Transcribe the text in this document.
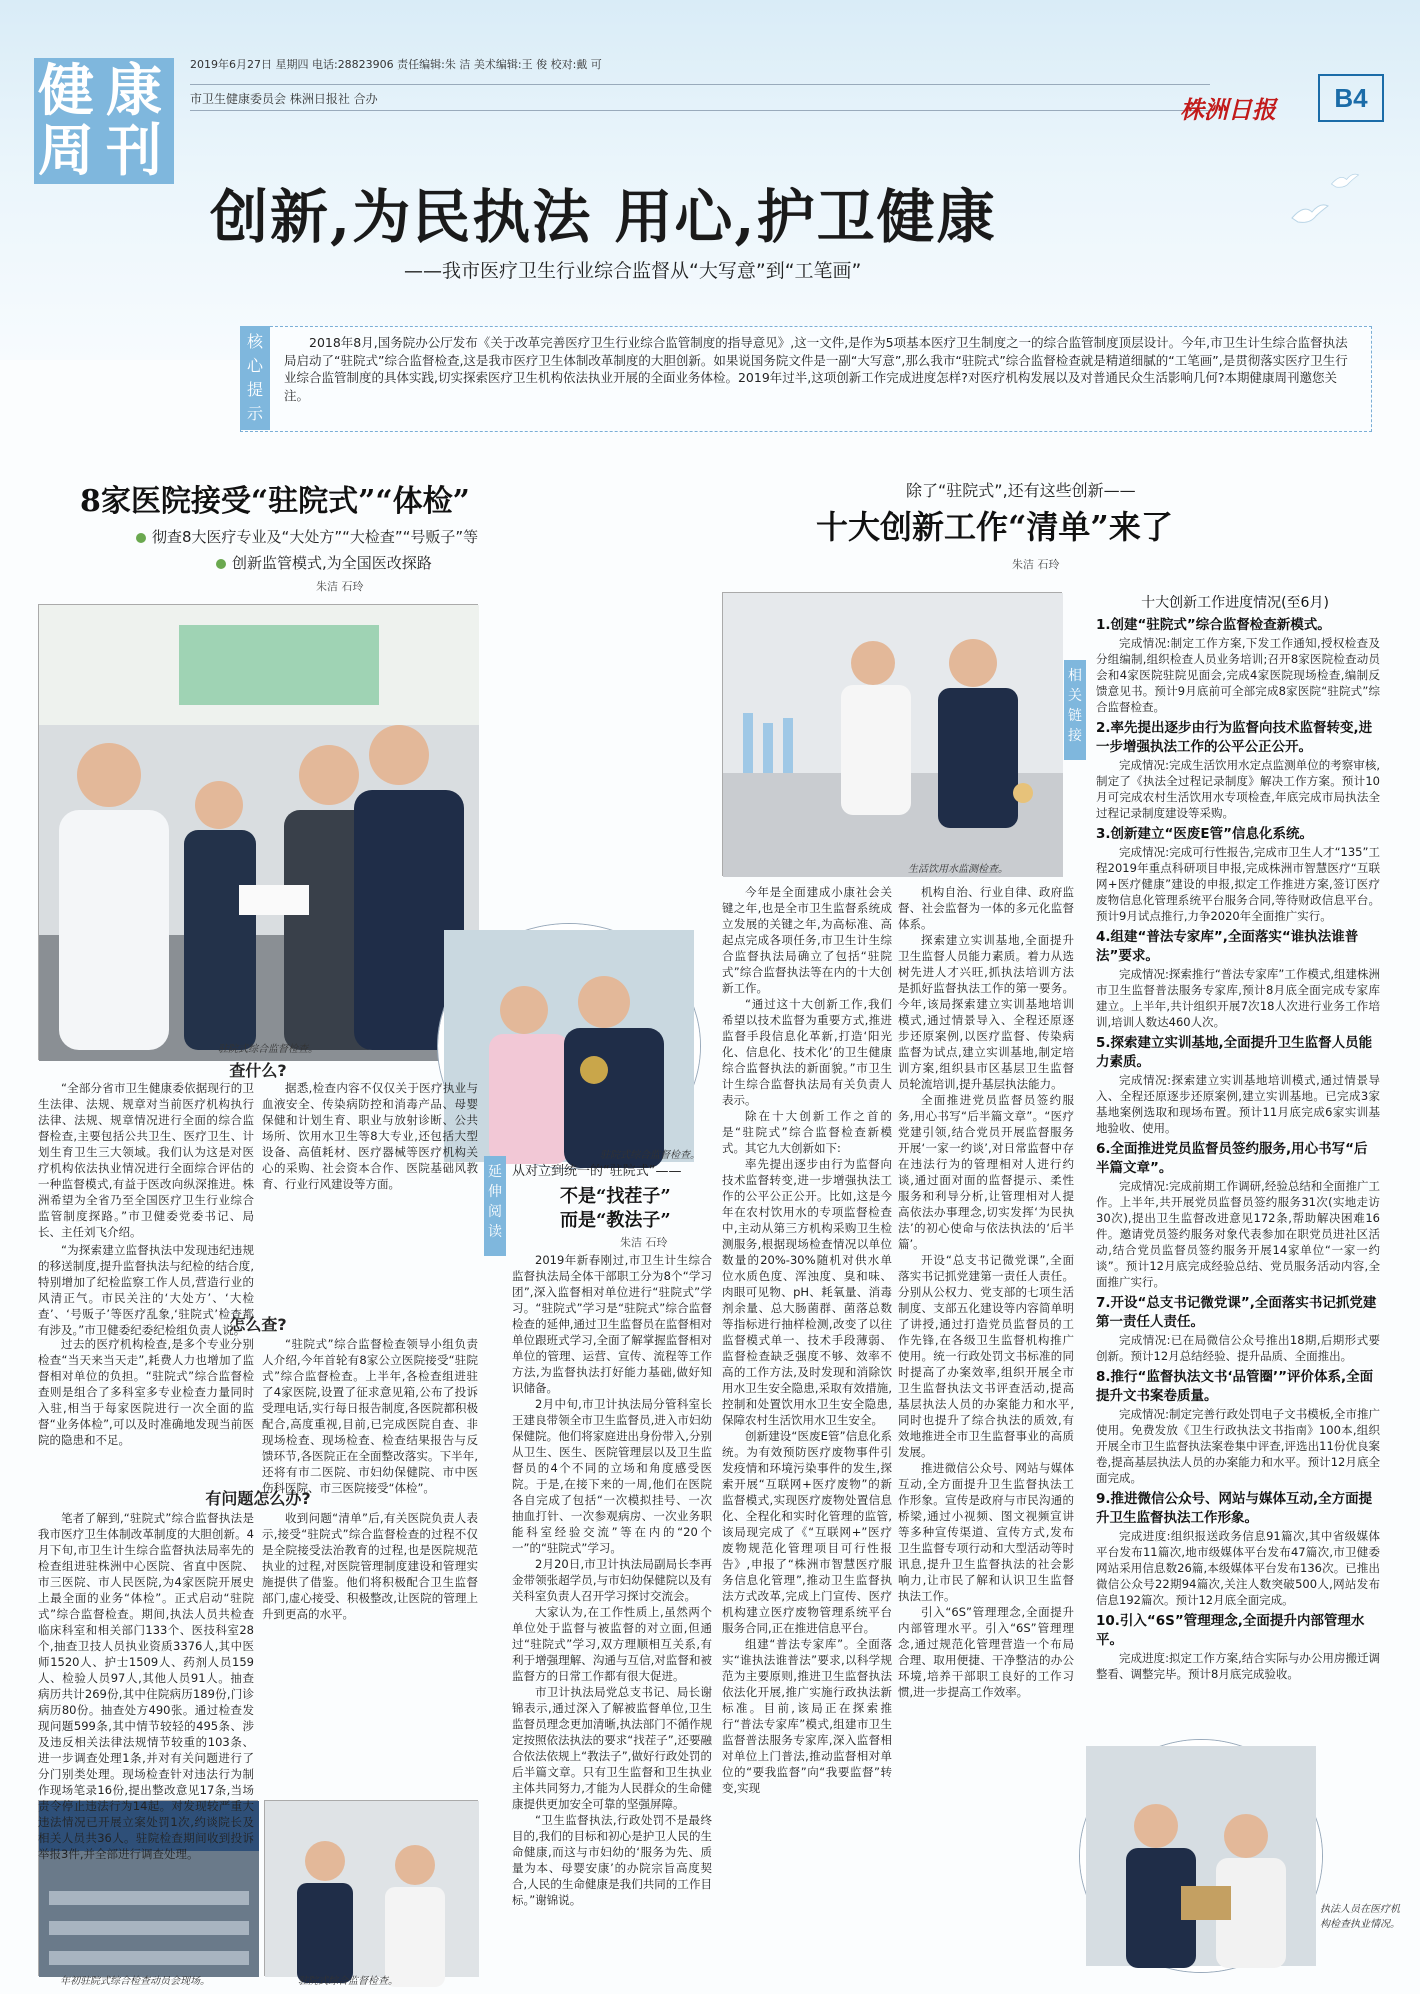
健 康
周 刊
2019年6月27日 星期四 电话:28823906 责任编辑:朱 洁 美术编辑:王 俊 校对:戴 可
市卫生健康委员会 株洲日报社 合办	株洲日报	B4
创新,为民执法 用心,护卫健康
——我市医疗卫生行业综合监督从“大写意”到“工笔画”
核
心
提
示
2018年8月,国务院办公厅发布《关于改革完善医疗卫生行业综合监管制度的指导意见》,这一文件,是作为5项基本医疗卫生制度之一的综合监管制度顶层设计。今年,市卫生计生综合监督执法局启动了“驻院式”综合监督检查,这是我市医疗卫生体制改革制度的大胆创新。如果说国务院文件是一副“大写意”,那么我市“驻院式”综合监督检查就是精道细腻的“工笔画”,是贯彻落实医疗卫生行业综合监管制度的具体实践,切实探索医疗卫生机构依法执业开展的全面业务体检。2019年过半,这项创新工作完成进度怎样?对医疗机构发展以及对普通民众生活影响几何?本期健康周刊邀您关注。
8家医院接受“驻院式”“体检”
彻查8大医疗专业及“大处方”“大检查”“号贩子”等
创新监管模式,为全国医改探路
朱洁 石玲
除了“驻院式”,还有这些创新——
十大创新工作“清单”来了
朱洁 石玲
驻院式综合监督检查。
驻院式综合监督检查。
生活饮用水监测检查。
相
关
链
接
年初驻院式综合检查动员会现场。	驻院式综合监督检查。
执法人员在医疗机构检查执业情况。
查什么?

“全部分省市卫生健康委依据现行的卫生法律、法规、规章对当前医疗机构执行法律、法规、规章情况进行全面的综合监督检查,主要包括公共卫生、医疗卫生、计划生育卫生三大领域。我们认为这是对医疗机构依法执业情况进行全面综合评估的一种监督模式,有益于医改向纵深推进。株洲希望为全省乃至全国医疗卫生行业综合监管制度探路。”市卫健委党委书记、局长、主任刘飞介绍。

“为探索建立监督执法中发现违纪违规的移送制度,提升监督执法与纪检的结合度,特别增加了纪检监察工作人员,营造行业的风清正气。市民关注的‘大处方’、‘大检查’、‘号贩子’等医疗乱象,‘驻院式’检查都有涉及。”市卫健委纪委纪检组负责人说。

据悉,检查内容不仅仅关于医疗执业与血液安全、传染病防控和消毒产品、母婴保健和计划生育、职业与放射诊断、公共场所、饮用水卫生等8大专业,还包括大型设备、高值耗材、医疗器械等医疗机构关心的采购、社会资本合作、医院基础风教育、行业行风建设等方面。

怎么查?

过去的医疗机构检查,是多个专业分别检查“当天来当天走”,耗费人力也增加了监督相对单位的负担。“驻院式”综合监督检查则是组合了多科室多专业检查力量同时入驻,相当于每家医院进行一次全面的监督“业务体检”,可以及时准确地发现当前医院的隐患和不足。

“驻院式”综合监督检查领导小组负责人介绍,今年首轮有8家公立医院接受“驻院式”综合监督检查。上半年,各检查组进驻了4家医院,设置了征求意见箱,公布了投诉受理电话,实行每日报告制度,各医院都积极配合,高度重视,目前,已完成医院自查、非现场检查、现场检查、检查结果报告与反馈环节,各医院正在全面整改落实。下半年,还将有市二医院、市妇幼保健院、市中医伤科医院、市三医院接受“体检”。

有问题怎么办?

笔者了解到,“驻院式”综合监督执法是我市医疗卫生体制改革制度的大胆创新。4月下旬,市卫生计生综合监督执法局率先的检查组进驻株洲中心医院、省直中医院、市三医院、市人民医院,为4家医院开展史上最全面的业务“体检”。正式启动“驻院式”综合监督检查。期间,执法人员共检查临床科室和相关部门133个、医技科室28个,抽查卫技人员执业资质3376人,其中医师1520人、护士1509人、药剂人员159人、检验人员97人,其他人员91人。抽查病历共计269份,其中住院病历189份,门诊病历80份。抽查处方490张。通过检查发现问题599条,其中情节较轻的495条、涉及违反相关法律法规情节较重的103条、进一步调查处理1条,并对有关问题进行了分门别类处理。现场检查针对违法行为制作现场笔录16份,提出整改意见17条,当场责令停止违法行为14起。对发现较严重大违法情况已开展立案处罚1次,约谈院长及相关人员共36人。驻院检查期间收到投诉举报3件,并全部进行调查处理。

收到问题“清单”后,有关医院负责人表示,接受“驻院式”综合监督检查的过程不仅是全院接受法治教育的过程,也是医院规范执业的过程,对医院管理制度建设和管理实施提供了借鉴。他们将积极配合卫生监督部门,虚心接受、积极整改,让医院的管理上升到更高的水平。

延
伸
阅
读
从对立到统一的“驻院式”——
不是“找茬子”
而是“教法子”
朱洁 石玲

2019年新春刚过,市卫生计生综合监督执法局全体干部职工分为8个“学习团”,深入监督相对单位进行“驻院式”学习。“驻院式”学习是“驻院式”综合监督检查的延伸,通过卫生监督员在监督相对单位跟班式学习,全面了解掌握监督相对单位的管理、运营、宣传、流程等工作方法,为监督执法打好能力基础,做好知识储备。

2月中旬,市卫计执法局分管科室长王建良带领全市卫生监督员,进入市妇幼保健院。他们将家庭进出身份带入,分别从卫生、医生、医院管理层以及卫生监督员的4个不同的立场和角度感受医院。于是,在接下来的一周,他们在医院各自完成了包括“一次模拟挂号、一次抽血打针、一次参观病房、一次业务职能科室经验交流”等在内的“20个一”的“驻院式”学习。

2月20日,市卫计执法局副局长李再金带领张超学员,与市妇幼保健院以及有关科室负责人召开学习探讨交流会。

大家认为,在工作性质上,虽然两个单位处于监督与被监督的对立面,但通过“驻院式”学习,双方理顺相互关系,有利于增强理解、沟通与互信,对监督和被监督方的日常工作都有很大促进。

市卫计执法局党总支书记、局长谢锦表示,通过深入了解被监督单位,卫生监督员理念更加清晰,执法部门不循作规定按照依法执法的要求“找茬子”,还要融合依法依规上“教法子”,做好行政处罚的后半篇文章。只有卫生监督和卫生执业主体共同努力,才能为人民群众的生命健康提供更加安全可靠的坚强屏障。

“卫生监督执法,行政处罚不是最终目的,我们的目标和初心是护卫人民的生命健康,而这与市妇幼的‘服务为先、质量为本、母婴安康’的办院宗旨高度契合,人民的生命健康是我们共同的工作目标。”谢锦说。

今年是全面建成小康社会关键之年,也是全市卫生监督系统成立发展的关键之年,为高标准、高起点完成各项任务,市卫生计生综合监督执法局确立了包括“驻院式”综合监督执法等在内的十大创新工作。

“通过这十大创新工作,我们希望以技术监督为重要方式,推进监督手段信息化革新,打造‘阳光化、信息化、技术化’的卫生健康综合监督执法的新面貌。”市卫生计生综合监督执法局有关负责人表示。

除在十大创新工作之首的是“驻院式”综合监督检查新模式。其它九大创新如下:

率先提出逐步由行为监督向技术监督转变,进一步增强执法工作的公平公正公开。比如,这是今年在农村饮用水的专项监督检查中,主动从第三方机构采购卫生检测服务,根据现场检查情况以单位数量的20%-30%随机对供水单位水质色度、浑浊度、臭和味、肉眼可见物、pH、耗氧量、消毒剂余量、总大肠菌群、菌落总数等指标进行抽样检测,改变了以往监督模式单一、技术手段薄弱、监督检查缺乏强度不够、效率不高的工作方法,及时发现和消除饮用水卫生安全隐患,采取有效措施,控制和处置饮用水卫生安全隐患,保障农村生活饮用水卫生安全。

创新建设“医废E管”信息化系统。为有效预防医疗废物事件引发疫情和环境污染事件的发生,探索开展“互联网+医疗废物”的新监督模式,实现医疗废物处置信息化、全程化和实时化管理的监管,该局现完成了《“互联网+”医疗废物规范化管理项目可行性报告》,申报了“株洲市智慧医疗服务信息化管理”,推动卫生监督执法方式改革,完成上门宣传、医疗机构建立医疗废物管理系统平台服务合同,正在推进信息平台。

组建“普法专家库”。全面落实“谁执法谁普法”要求,以科学规范为主要原则,推进卫生监督执法依法化开展,推广实施行政执法新标准。目前,该局正在探索推行“普法专家库”模式,组建市卫生监督普法服务专家库,深入监督相对单位上门普法,推动监督相对单位的“要我监督”向“我要监督”转变,实现

机构自治、行业自律、政府监督、社会监督为一体的多元化监督体系。

探索建立实训基地,全面提升卫生监督人员能力素质。着力从选树先进人才兴旺,抓执法培训方法是抓好监督执法工作的第一要务。今年,该局探索建立实训基地培训模式,通过情景导入、全程还原逐步还原案例,以医疗监督、传染病监督为试点,建立实训基地,制定培训方案,组织县市区基层卫生监督员轮流培训,提升基层执法能力。

全面推进党员监督员签约服务,用心书写“后半篇文章”。“医疗党建引领,结合党员开展监督服务开展‘一家一约谈’,对日常监督中存在违法行为的管理相对人进行约谈,通过面对面的监督提示、柔性服务和利导分析,让管理相对人提高依法办事理念,切实发挥‘为民执法’的初心使命与依法执法的‘后半篇’。

开设“总支书记微党课”,全面落实书记抓党建第一责任人责任。分别从公权力、党支部的七项生活制度、支部五化建设等内容简单明了讲授,通过打造党员监督员的工作先锋,在各级卫生监督机构推广使用。统一行政处罚文书标准的同时提高了办案效率,组织开展全市卫生监督执法文书评查活动,提高基层执法人员的办案能力和水平,同时也提升了综合执法的质效,有效地推进全市卫生监督事业的高质发展。

推进微信公众号、网站与媒体互动,全方面提升卫生监督执法工作形象。宣传是政府与市民沟通的桥梁,通过小视频、图文视频宣讲等多种宣传渠道、宣传方式,发布卫生监督专项行动和大型活动等时讯息,提升卫生监督执法的社会影响力,让市民了解和认识卫生监督执法工作。

引入“6S”管理理念,全面提升内部管理水平。引入“6S”管理理念,通过规范化管理营造一个布局合理、取用便捷、干净整洁的办公环境,培养干部职工良好的工作习惯,进一步提高工作效率。

十大创新工作进度情况(至6月)
1.创建“驻院式”综合监督检查新模式。
完成情况:制定工作方案,下发工作通知,授权检查及分组编制,组织检查人员业务培训;召开8家医院检查动员会和4家医院驻院见面会,完成4家医院现场检查,编制反馈意见书。预计9月底前可全部完成8家医院“驻院式”综合监督检查。
2.率先提出逐步由行为监督向技术监督转变,进一步增强执法工作的公平公正公开。
完成情况:完成生活饮用水定点监测单位的考察审核,制定了《执法全过程记录制度》解决工作方案。预计10月可完成农村生活饮用水专项检查,年底完成市局执法全过程记录制度建设等采购。
3.创新建立“医废E管”信息化系统。
完成情况:完成可行性报告,完成市卫生人才“135”工程2019年重点科研项目申报,完成株洲市智慧医疗“互联网+医疗健康”建设的申报,拟定工作推进方案,签订医疗废物信息化管理系统平台服务合同,等待财政信息平台。预计9月试点推行,力争2020年全面推广实行。
4.组建“普法专家库”,全面落实“谁执法谁普法”要求。
完成情况:探索推行“普法专家库”工作模式,组建株洲市卫生监督普法服务专家库,预计8月底全面完成专家库建立。上半年,共计组织开展7次18人次进行业务工作培训,培训人数达460人次。
5.探索建立实训基地,全面提升卫生监督人员能力素质。
完成情况:探索建立实训基地培训模式,通过情景导入、全程还原逐步还原案例,建立实训基地。已完成3家基地案例选取和现场布置。预计11月底完成6家实训基地验收、使用。
6.全面推进党员监督员签约服务,用心书写“后半篇文章”。
完成情况:完成前期工作调研,经验总结和全面推广工作。上半年,共开展党员监督员签约服务31次(实地走访30次),提出卫生监督改进意见172条,帮助解决困难16件。邀请党员签约服务对象代表参加在职党员进社区活动,结合党员监督员签约服务开展14家单位“一家一约谈”。预计12月底完成经验总结、党员服务活动内容,全面推广实行。
7.开设“总支书记微党课”,全面落实书记抓党建第一责任人责任。
完成情况:已在局微信公众号推出18期,后期形式要创新。预计12月总结经验、提升品质、全面推出。
8.推行“监督执法文书‘品管圈’”评价体系,全面提升文书案卷质量。
完成情况:制定完善行政处罚电子文书模板,全市推广使用。免费发放《卫生行政执法文书指南》100本,组织开展全市卫生监督执法案卷集中评查,评选出11份优良案卷,提高基层执法人员的办案能力和水平。预计12月底全面完成。
9.推进微信公众号、网站与媒体互动,全方面提升卫生监督执法工作形象。
完成进度:组织报送政务信息91篇次,其中省级媒体平台发布11篇次,地市级媒体平台发布47篇次,市卫健委网站采用信息数26篇,本级媒体平台发布136次。已推出微信公众号22期94篇次,关注人数突破500人,网站发布信息192篇次。预计12月底全面完成。
10.引入“6S”管理理念,全面提升内部管理水平。
完成进度:拟定工作方案,结合实际与办公用房搬迁调整看、调整完毕。预计8月底完成验收。
